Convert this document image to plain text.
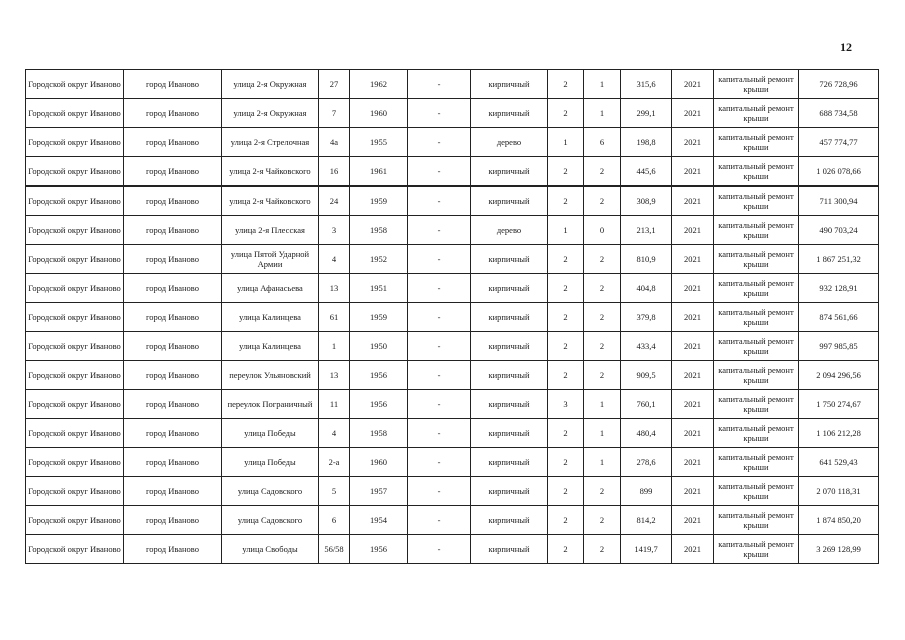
12
Городской округ Иваново	город Иваново	улица 2-я Окружная	27	1962	-	кирпичный	2	1	315,6	2021	капитальный ремонт крыши	726 728,96
Городской округ Иваново	город Иваново	улица 2-я Окружная	7	1960	-	кирпичный	2	1	299,1	2021	капитальный ремонт крыши	688 734,58
Городской округ Иваново	город Иваново	улица 2-я Стрелочная	4а	1955	-	дерево	1	6	198,8	2021	капитальный ремонт крыши	457 774,77
Городской округ Иваново	город Иваново	улица 2-я Чайковского	16	1961	-	кирпичный	2	2	445,6	2021	капитальный ремонт крыши	1 026 078,66
Городской округ Иваново	город Иваново	улица 2-я Чайковского	24	1959	-	кирпичный	2	2	308,9	2021	капитальный ремонт крыши	711 300,94
Городской округ Иваново	город Иваново	улица 2-я Плесская	3	1958	-	дерево	1	0	213,1	2021	капитальный ремонт крыши	490 703,24
Городской округ Иваново	город Иваново	улица Пятой Ударной Армии	4	1952	-	кирпичный	2	2	810,9	2021	капитальный ремонт крыши	1 867 251,32
Городской округ Иваново	город Иваново	улица Афанасьева	13	1951	-	кирпичный	2	2	404,8	2021	капитальный ремонт крыши	932 128,91
Городской округ Иваново	город Иваново	улица Калинцева	61	1959	-	кирпичный	2	2	379,8	2021	капитальный ремонт крыши	874 561,66
Городской округ Иваново	город Иваново	улица Калинцева	1	1950	-	кирпичный	2	2	433,4	2021	капитальный ремонт крыши	997 985,85
Городской округ Иваново	город Иваново	переулок Ульяновский	13	1956	-	кирпичный	2	2	909,5	2021	капитальный ремонт крыши	2 094 296,56
Городской округ Иваново	город Иваново	переулок Пограничный	11	1956	-	кирпичный	3	1	760,1	2021	капитальный ремонт крыши	1 750 274,67
Городской округ Иваново	город Иваново	улица Победы	4	1958	-	кирпичный	2	1	480,4	2021	капитальный ремонт крыши	1 106 212,28
Городской округ Иваново	город Иваново	улица Победы	2-а	1960	-	кирпичный	2	1	278,6	2021	капитальный ремонт крыши	641 529,43
Городской округ Иваново	город Иваново	улица Садовского	5	1957	-	кирпичный	2	2	899	2021	капитальный ремонт крыши	2 070 118,31
Городской округ Иваново	город Иваново	улица Садовского	6	1954	-	кирпичный	2	2	814,2	2021	капитальный ремонт крыши	1 874 850,20
Городской округ Иваново	город Иваново	улица Свободы	56/58	1956	-	кирпичный	2	2	1419,7	2021	капитальный ремонт крыши	3 269 128,99
